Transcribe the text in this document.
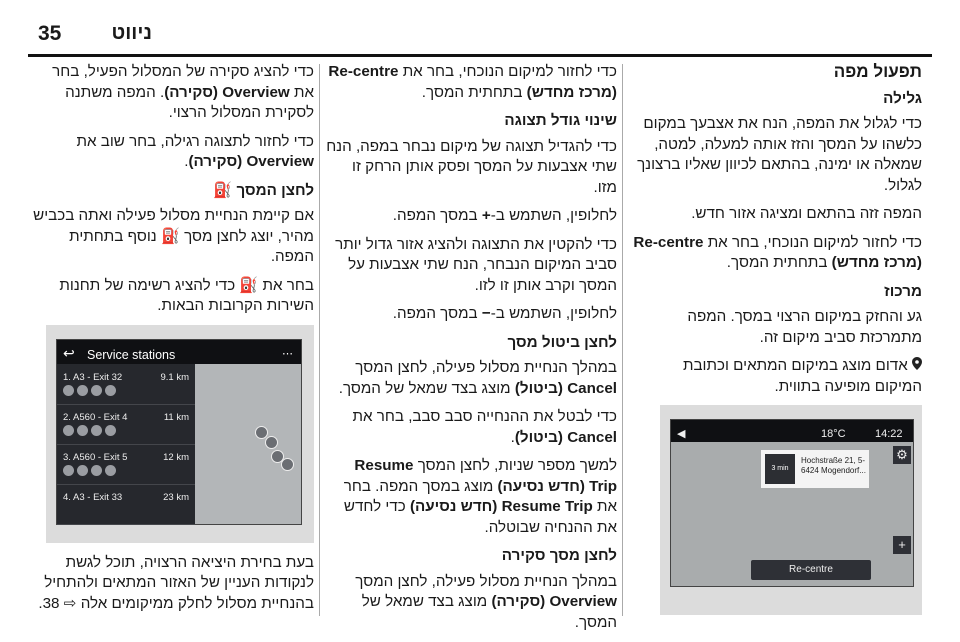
35	ניווט
תפעול מפה
גלילה

כדי לגלול את המפה, הנח את אצבעך במקום כלשהו על המסך והזז אותה למעלה, למטה, שמאלה או ימינה, בהתאם לכיוון שאליו ברצונך לגלול.

המפה זזה בהתאם ומציגה אזור חדש.

כדי לחזור למיקום הנוכחי, בחר את Re-centre (מרכז מחדש) בתחתית המסך.

מרכוז

גע והחזק במיקום הרצוי במסך. המפה מתמרכזת סביב מיקום זה.

אדום מוצג במיקום המתאים וכתובת המיקום מופיעה בתווית.

◀	18°C	14:22
⚙
3 min
Hochstraße 21, 5-
6424 Mogendorf...
+
Re-centre

כדי לחזור למיקום הנוכחי, בחר את Re-centre (מרכז מחדש) בתחתית המסך.

שינוי גודל תצוגה

כדי להגדיל תצוגה של מיקום נבחר במפה, הנח שתי אצבעות על המסך ופסק אותן הרחק זו מזו.

לחלופין, השתמש ב-+ במסך המפה.

כדי להקטין את התצוגה ולהציג אזור גדול יותר סביב המיקום הנבחר, הנח שתי אצבעות על המסך וקרב אותן זו לזו.

לחלופין, השתמש ב-− במסך המפה.

לחצן ביטול מסך

במהלך הנחיית מסלול פעילה, לחצן המסך Cancel (ביטול) מוצג בצד שמאל של המסך.

כדי לבטל את ההנחייה סבב סבב, בחר את Cancel (ביטול).

למשך מספר שניות, לחצן המסך Resume Trip (חדש נסיעה) מוצג במסך המפה. בחר את Resume Trip (חדש נסיעה) כדי לחדש את ההנחיה שבוטלה.

לחצן מסך סקירה

במהלך הנחיית מסלול פעילה, לחצן המסך Overview (סקירה) מוצג בצד שמאל של המסך.

כדי להציג סקירה של המסלול הפעיל, בחר את Overview (סקירה). המפה משתנה לסקירת המסלול הרצוי.

כדי לחזור לתצוגה רגילה, בחר שוב את Overview (סקירה).

לחצן המסך ⛽

אם קיימת הנחיית מסלול פעילה ואתה בכביש מהיר, יוצג לחצן מסך ⛽ נוסף בתחתית המפה.

בחר את ⛽ כדי להציג רשימה של תחנות השירות הקרובות הבאות.

↩ Service stations	⋯
1. A3 - Exit 32	9.1 km
2. A560 - Exit 4	11 km
3. A560 - Exit 5	12 km
4. A3 - Exit 33	23 km

בעת בחירת היציאה הרצויה, תוכל לגשת לנקודות העניין של האזור המתאים ולהתחיל בהנחיית מסלול לחלק ממיקומים אלה ⇨ 38.
